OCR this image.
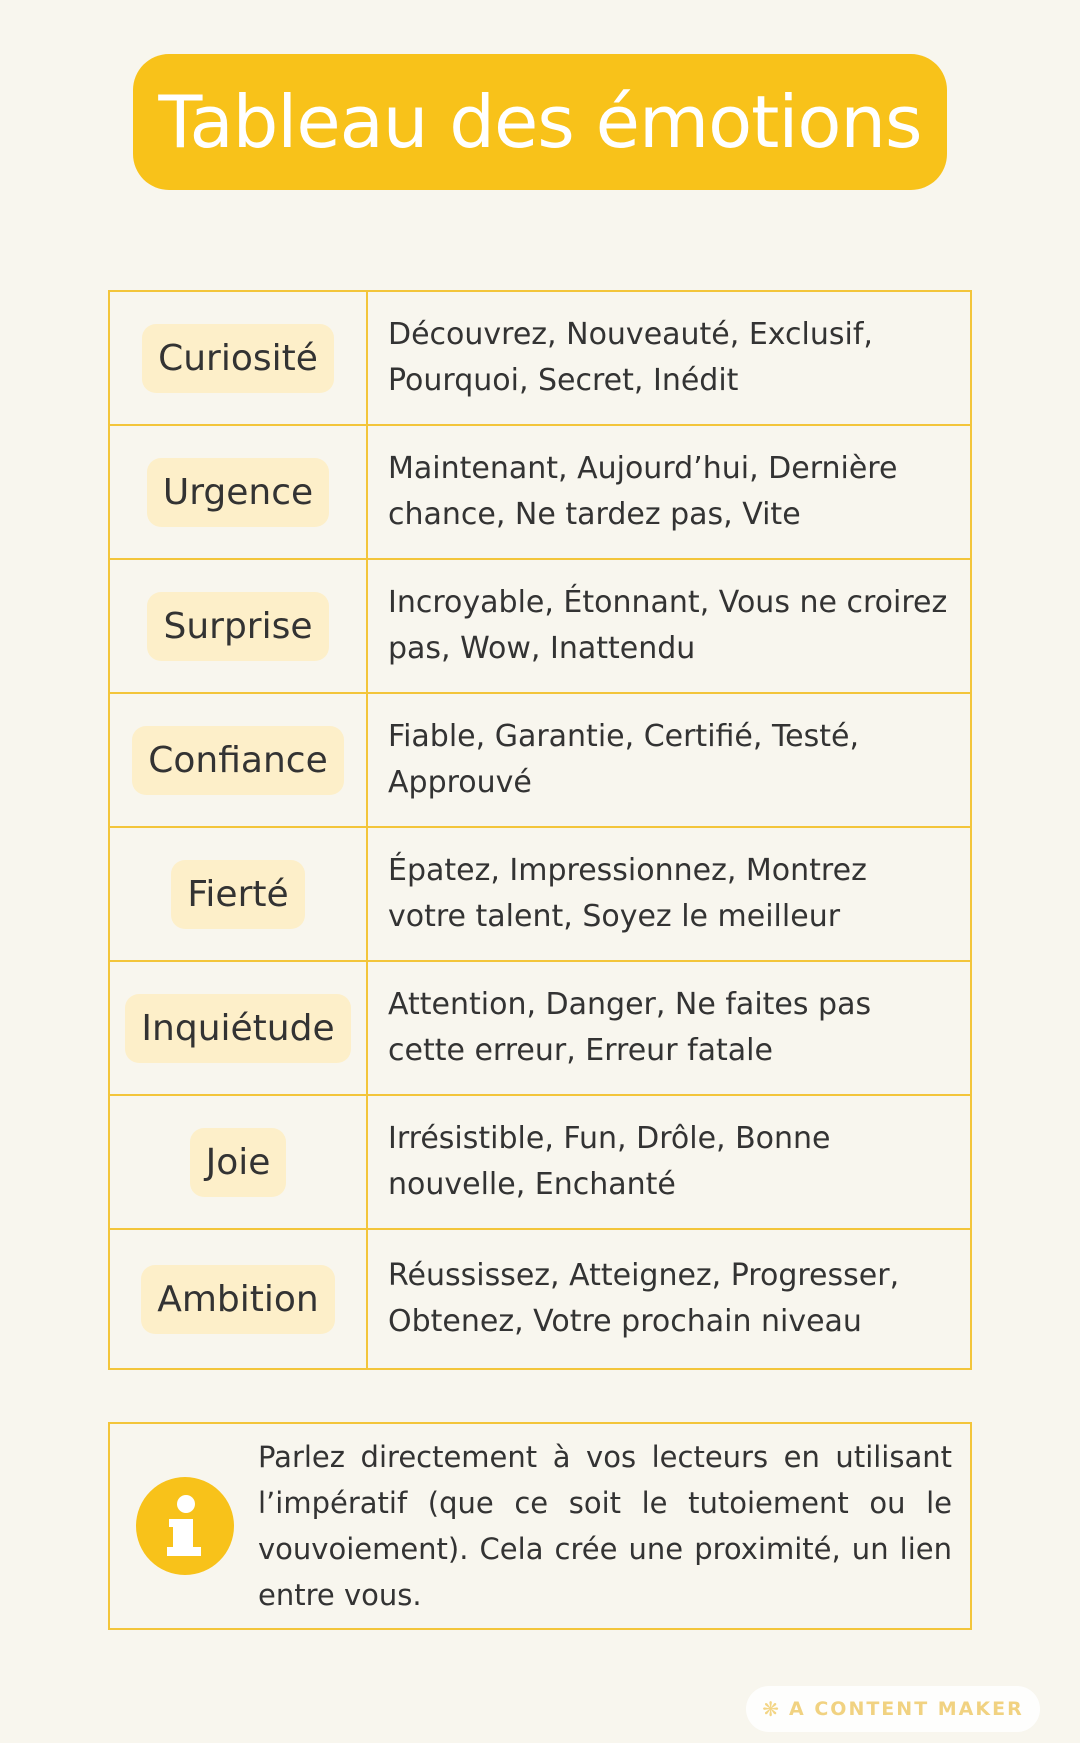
Tableau des émotions
Curiosité
Découvrez, Nouveauté, Exclusif, Pourquoi, Secret, Inédit
Urgence
Maintenant, Aujourd’hui, Dernière chance, Ne tardez pas, Vite
Surprise
Incroyable, Étonnant, Vous ne croirez pas, Wow, Inattendu
Confiance
Fiable, Garantie, Certifié, Testé, Approuvé
Fierté
Épatez, Impressionnez, Montrez votre talent, Soyez le meilleur
Inquiétude
Attention, Danger, Ne faites pas cette erreur, Erreur fatale
Joie
Irrésistible, Fun, Drôle, Bonne nouvelle, Enchanté
Ambition
Réussissez, Atteignez, Progresser, Obtenez, Votre prochain niveau
Parlez directement à vos lecteurs en utilisant l’impératif (que ce soit le tutoiement ou le vouvoiement). Cela crée une proximité, un lien entre vous.
❋ A CONTENT MAKER
